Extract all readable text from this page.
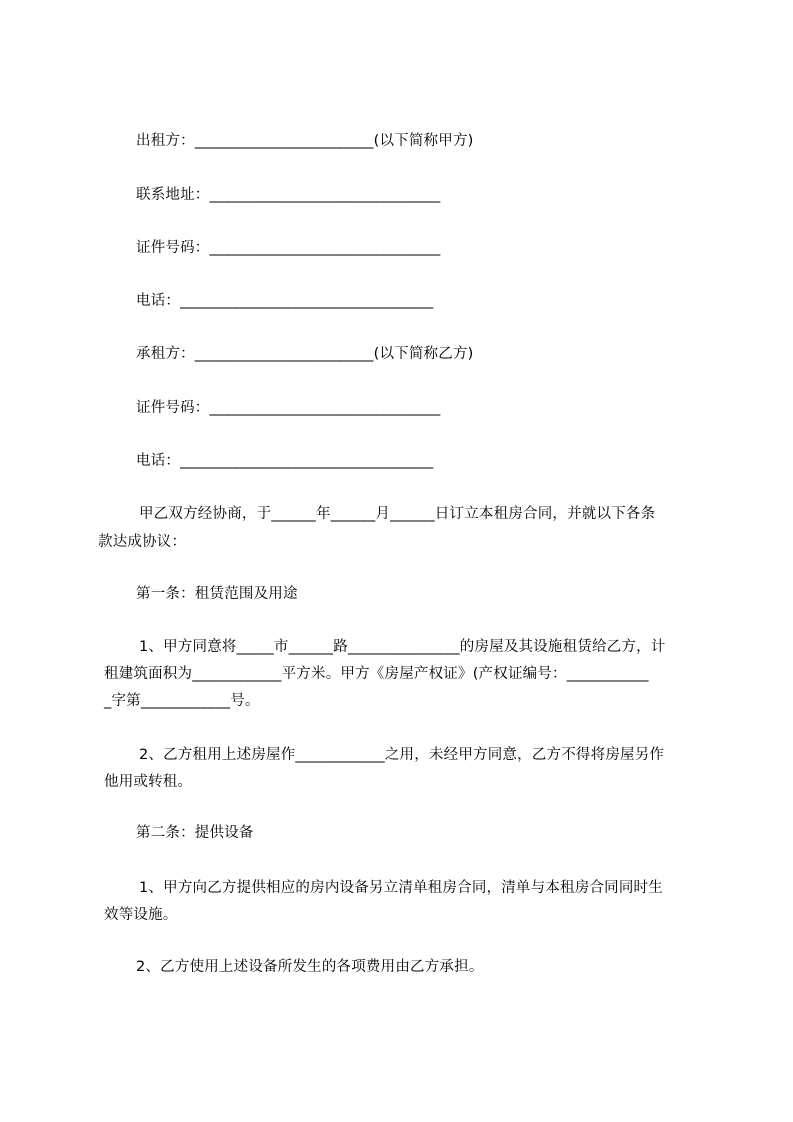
出租方：________________________(以下简称甲方)
联系地址：_______________________________
证件号码：_______________________________
电话：__________________________________
承租方：________________________(以下简称乙方)
证件号码：_______________________________
电话：__________________________________
甲乙双方经协商，于______年______月______日订立本租房合同，并就以下各条
款达成协议：
第一条：租赁范围及用途
1、甲方同意将_____市______路_______________的房屋及其设施租赁给乙方，计
租建筑面积为____________平方米。甲方《房屋产权证》(产权证编号：___________
_字第____________号。
2、乙方租用上述房屋作____________之用，未经甲方同意，乙方不得将房屋另作
他用或转租。
第二条：提供设备
1、甲方向乙方提供相应的房内设备另立清单租房合同，清单与本租房合同同时生
效等设施。
2、乙方使用上述设备所发生的各项费用由乙方承担。
